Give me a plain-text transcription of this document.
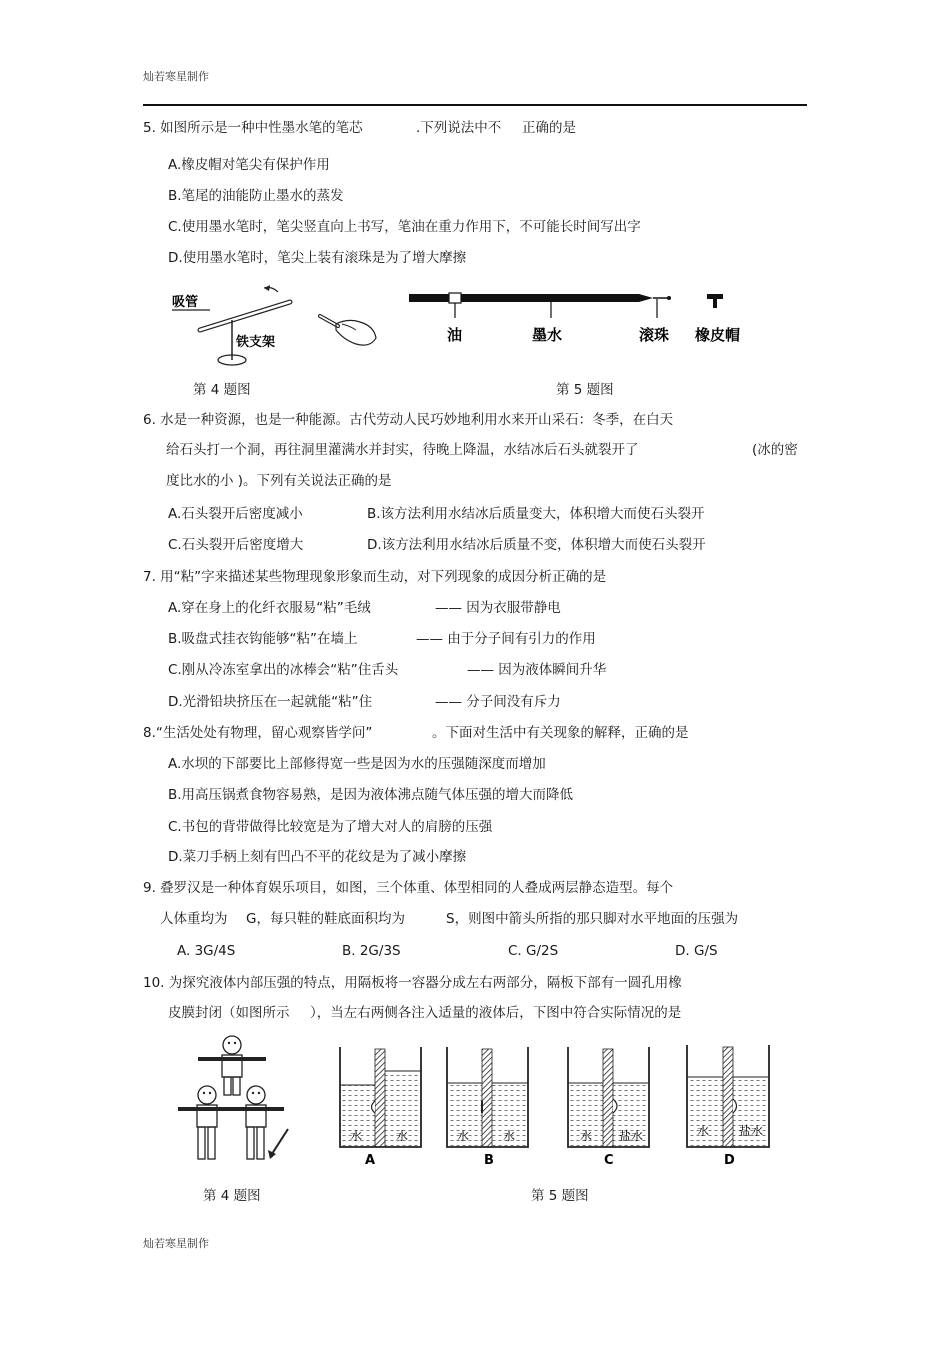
灿若寒星制作
5. 如图所示是一种中性墨水笔的笔芯	.下列说法中不 正确的是
A.橡皮帽对笔尖有保护作用
B.笔尾的油能防止墨水的蒸发
C.使用墨水笔时，笔尖竖直向上书写，笔油在重力作用下，不可能长时间写出字
D.使用墨水笔时，笔尖上装有滚珠是为了增大摩擦
吸管
铁支架	油	墨水	滚珠 橡皮帽
第 4 题图	第 5 题图
6. 水是一种资源，也是一种能源。古代劳动人民巧妙地利用水来开山采石：冬季，在白天
给石头打一个洞，再往洞里灌满水并封实，待晚上降温，水结冰后石头就裂开了	(冰的密
度比水的小 )。下列有关说法正确的是
A.石头裂开后密度减小	B.该方法利用水结冰后质量变大，体积增大而使石头裂开
C.石头裂开后密度增大	D.该方法利用水结冰后质量不变，体积增大而使石头裂开
7. 用“粘”字来描述某些物理现象形象而生动，对下列现象的成因分析正确的是
A.穿在身上的化纤衣服易“粘”毛绒	—— 因为衣服带静电
B.吸盘式挂衣钩能够“粘”在墙上	—— 由于分子间有引力的作用
C.刚从冷冻室拿出的冰棒会“粘”住舌头	—— 因为液体瞬间升华
D.光滑铅块挤压在一起就能“粘”住	—— 分子间没有斥力
8.“生活处处有物理，留心观察皆学问”	。下面对生活中有关现象的解释，正确的是
A.水坝的下部要比上部修得宽一些是因为水的压强随深度而增加
B.用高压锅煮食物容易熟，是因为液体沸点随气体压强的增大而降低
C.书包的背带做得比较宽是为了增大对人的肩膀的压强
D.菜刀手柄上刻有凹凸不平的花纹是为了减小摩擦
9. 叠罗汉是一种体育娱乐项目，如图，三个体重、体型相同的人叠成两层静态造型。每个
人体重均为 G，每只鞋的鞋底面积均为	S，则图中箭头所指的那只脚对水平地面的压强为
A. 3G/4S	B. 2G/3S	C. G/2S	D. G/S
10. 为探究液体内部压强的特点，用隔板将一容器分成左右两部分，隔板下部有一圆孔用橡
皮膜封闭（如图所示 ），当左右两侧各注入适量的液体后，下图中符合实际情况的是
水	水
A
水	水
B
水 盐水
C
水 盐水
D
第 4 题图	第 5 题图
灿若寒星制作
